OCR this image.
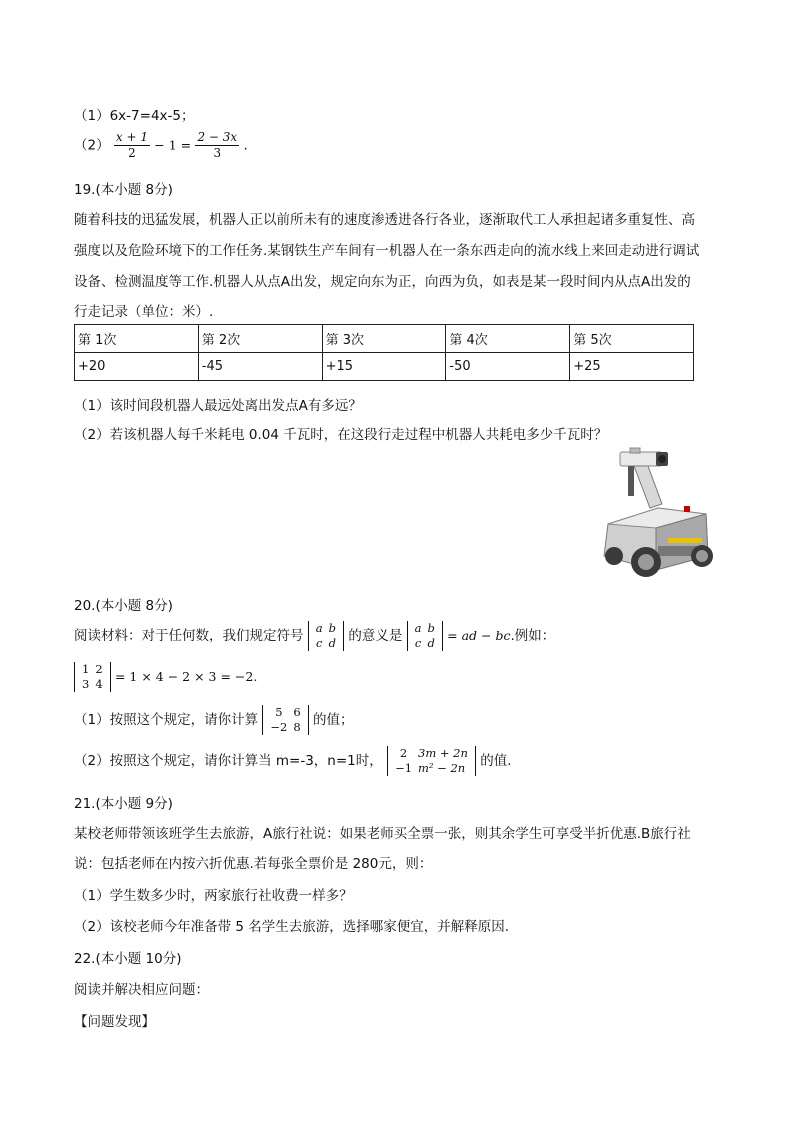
（1）6x-7=4x-5；
$(2) \frac{x + 1}{2} - 1 = \frac{2 - 3x}{3}$ .
19.(本小题 8分)
随着科技的迅猛发展，机器人正以前所未有的速度渗透进各行各业，逐渐取代工人承担起诸多重复性、高
强度以及危险环境下的工作任务.某钢铁生产车间有一机器人在一条东西走向的流水线上来回走动进行调试
设备、检测温度等工作.机器人从点A出发，规定向东为正，向西为负，如表是某一段时间内从点A出发的
行走记录（单位：米）.
第 1次	第 2次	第 3次	第 4次	第 5次
+20	-45	+15	-50	+25
（1）该时间段机器人最远处离出发点A有多远？
（2）若该机器人每千米耗电 0.04 千瓦时，在这段行走过程中机器人共耗电多少千瓦时？
20.(本小题 8分)
阅读材料：对于任何数，我们规定符号 a	b
c	d 的意义是 a	b
c	d = ad − bc.例如：
1	2
3	4 = 1 × 4 − 2 × 3 = −2.
（1）按照这个规定，请你计算 5	6
−2	8 的值；
（2）按照这个规定，请你计算当 m=-3，n=1时， 2	3m + 2n
−1	m² − 2n 的值.
21.(本小题 9分)
某校老师带领该班学生去旅游，A旅行社说：如果老师买全票一张，则其余学生可享受半折优惠.B旅行社
说：包括老师在内按六折优惠.若每张全票价是 280元，则：
（1）学生数多少时，两家旅行社收费一样多？
（2）该校老师今年准备带 5 名学生去旅游，选择哪家便宜，并解释原因.
22.(本小题 10分)
阅读并解决相应问题：
【问题发现】
